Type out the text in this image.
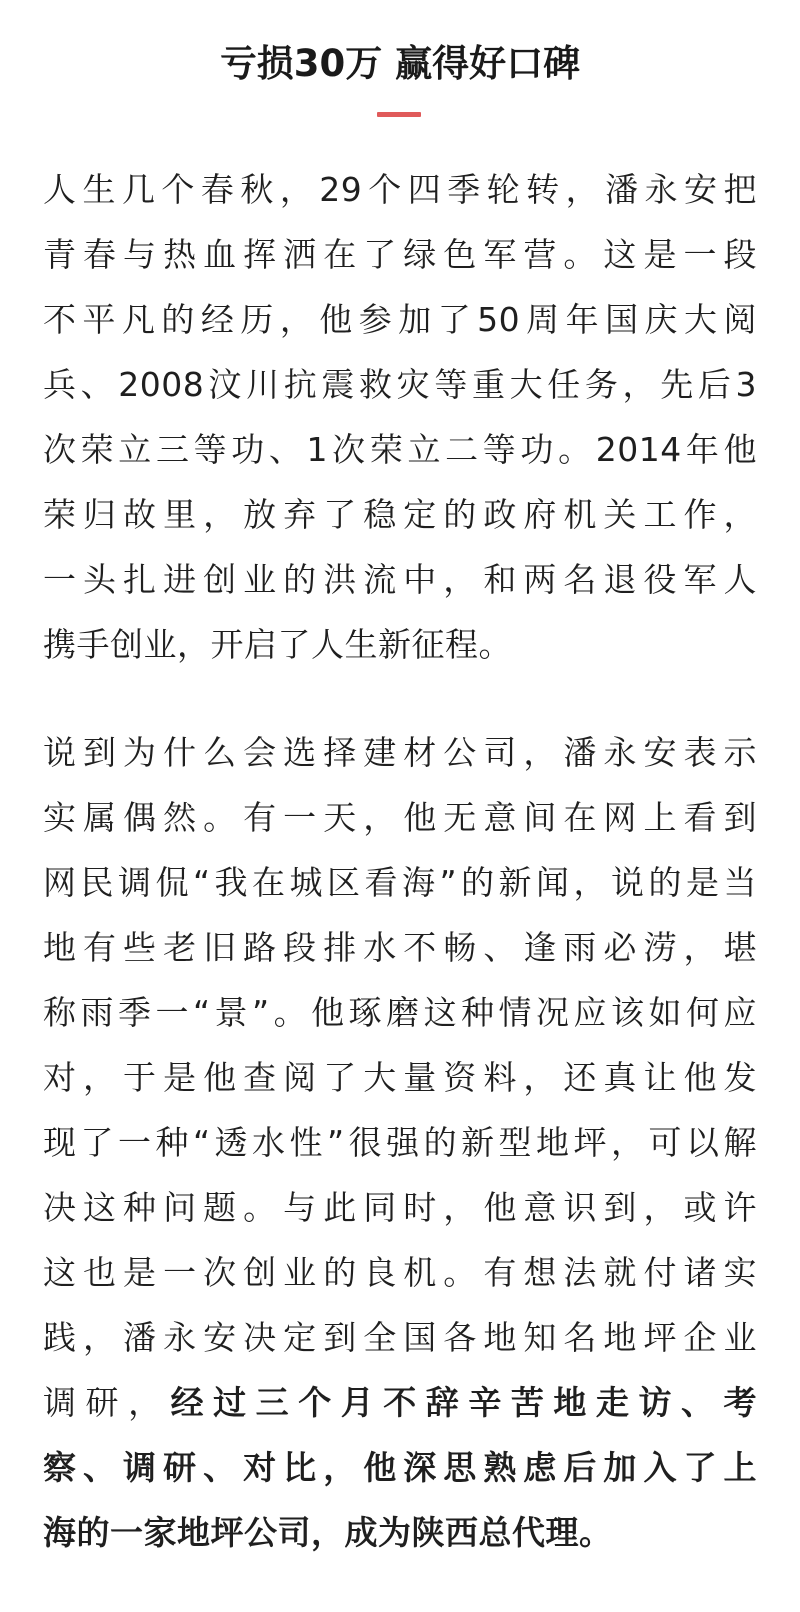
亏损30万 赢得好口碑

人生几个春秋，29个四季轮转，潘永安把
青春与热血挥洒在了绿色军营。这是一段
不平凡的经历，他参加了50周年国庆大阅
兵、2008汶川抗震救灾等重大任务，先后3
次荣立三等功、1次荣立二等功。2014年他
荣归故里，放弃了稳定的政府机关工作，
一头扎进创业的洪流中，和两名退役军人
携手创业，开启了人生新征程。

说到为什么会选择建材公司，潘永安表示
实属偶然。有一天，他无意间在网上看到
网民调侃“我在城区看海”的新闻，说的是当
地有些老旧路段排水不畅、逢雨必涝，堪
称雨季一“景”。他琢磨这种情况应该如何应
对，于是他查阅了大量资料，还真让他发
现了一种“透水性”很强的新型地坪，可以解
决这种问题。与此同时，他意识到，或许
这也是一次创业的良机。有想法就付诸实
践，潘永安决定到全国各地知名地坪企业
调研，经过三个月不辞辛苦地走访、考
察、调研、对比，他深思熟虑后加入了上
海的一家地坪公司，成为陕西总代理。
